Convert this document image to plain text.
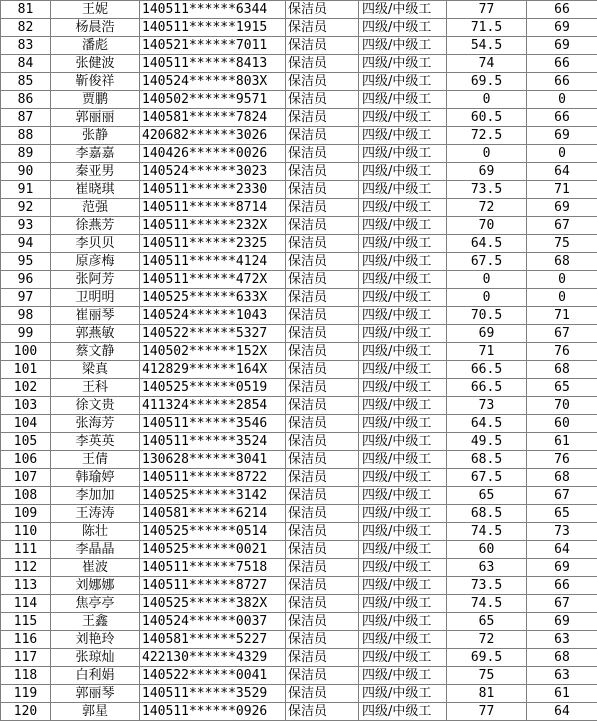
81	王妮	140511******6344	保洁员	四级/中级工	77	66
82	杨晨浩	140511******1915	保洁员	四级/中级工	71.5	69
83	潘彪	140521******7011	保洁员	四级/中级工	54.5	69
84	张健波	140511******8413	保洁员	四级/中级工	74	66
85	靳俊祥	140524******803X	保洁员	四级/中级工	69.5	66
86	贾鹏	140502******9571	保洁员	四级/中级工	0	0
87	郭丽丽	140581******7824	保洁员	四级/中级工	60.5	66
88	张静	420682******3026	保洁员	四级/中级工	72.5	69
89	李嘉嘉	140426******0026	保洁员	四级/中级工	0	0
90	秦亚男	140524******3023	保洁员	四级/中级工	69	64
91	崔晓琪	140511******2330	保洁员	四级/中级工	73.5	71
92	范强	140511******8714	保洁员	四级/中级工	72	69
93	徐燕芳	140511******232X	保洁员	四级/中级工	70	67
94	李贝贝	140511******2325	保洁员	四级/中级工	64.5	75
95	原彦梅	140511******4124	保洁员	四级/中级工	67.5	68
96	张阿芳	140511******472X	保洁员	四级/中级工	0	0
97	卫明明	140525******633X	保洁员	四级/中级工	0	0
98	崔丽琴	140524******1043	保洁员	四级/中级工	70.5	71
99	郭燕敏	140522******5327	保洁员	四级/中级工	69	67
100	蔡文静	140502******152X	保洁员	四级/中级工	71	76
101	梁真	412829******164X	保洁员	四级/中级工	66.5	68
102	王科	140525******0519	保洁员	四级/中级工	66.5	65
103	徐文贵	411324******2854	保洁员	四级/中级工	73	70
104	张海芳	140511******3546	保洁员	四级/中级工	64.5	60
105	李英英	140511******3524	保洁员	四级/中级工	49.5	61
106	王倩	130628******3041	保洁员	四级/中级工	68.5	76
107	韩瑜婷	140511******8722	保洁员	四级/中级工	67.5	68
108	李加加	140525******3142	保洁员	四级/中级工	65	67
109	王涛涛	140581******6214	保洁员	四级/中级工	68.5	65
110	陈壮	140525******0514	保洁员	四级/中级工	74.5	73
111	李晶晶	140525******0021	保洁员	四级/中级工	60	64
112	崔波	140511******7518	保洁员	四级/中级工	63	69
113	刘娜娜	140511******8727	保洁员	四级/中级工	73.5	66
114	焦亭亭	140525******382X	保洁员	四级/中级工	74.5	67
115	王鑫	140524******0037	保洁员	四级/中级工	65	69
116	刘艳玲	140581******5227	保洁员	四级/中级工	72	63
117	张琼灿	422130******4329	保洁员	四级/中级工	69.5	68
118	白利娟	140522******0041	保洁员	四级/中级工	75	63
119	郭丽琴	140511******3529	保洁员	四级/中级工	81	61
120	郭星	140511******0926	保洁员	四级/中级工	77	64
